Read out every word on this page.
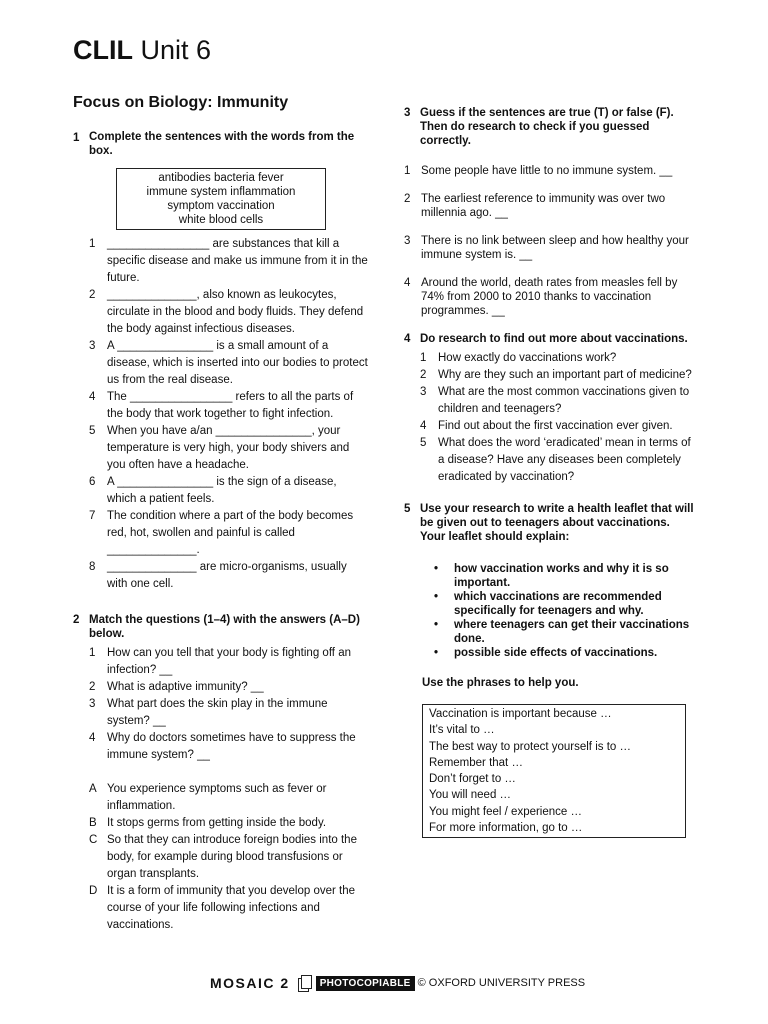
CLIL Unit 6
Focus on Biology: Immunity
1 Complete the sentences with the words from the box.
antibodies bacteria fever
immune system inflammation
symptom vaccination
white blood cells
1	________________ are substances that kill a specific disease and make us immune from it in the future.
2	______________, also known as leukocytes, circulate in the blood and body fluids. They defend the body against infectious diseases.
3	A _______________ is a small amount of a disease, which is inserted into our bodies to protect us from the real disease.
4	The ________________ refers to all the parts of the body that work together to fight infection.
5	When you have a/an _______________, your temperature is very high, your body shivers and you often have a headache.
6	A _______________ is the sign of a disease, which a patient feels.
7	The condition where a part of the body becomes red, hot, swollen and painful is called ______________.
8	______________ are micro-organisms, usually with one cell.
2 Match the questions (1–4) with the answers (A–D) below.
1	How can you tell that your body is fighting off an infection? __
2	What is adaptive immunity? __
3	What part does the skin play in the immune system? __
4	Why do doctors sometimes have to suppress the immune system? __
A You experience symptoms such as fever or inflammation.
B It stops germs from getting inside the body.
C So that they can introduce foreign bodies into the body, for example during blood transfusions or organ transplants.
D It is a form of immunity that you develop over the course of your life following infections and vaccinations.
3 Guess if the sentences are true (T) or false (F). Then do research to check if you guessed correctly.
1 Some people have little to no immune system. __
2 The earliest reference to immunity was over two millennia ago. __
3 There is no link between sleep and how healthy your immune system is. __
4 Around the world, death rates from measles fell by 74% from 2000 to 2010 thanks to vaccination programmes. __
4 Do research to find out more about vaccinations.
1	How exactly do vaccinations work?
2	Why are they such an important part of medicine?
3	What are the most common vaccinations given to children and teenagers?
4	Find out about the first vaccination ever given.
5	What does the word ‘eradicated’ mean in terms of a disease? Have any diseases been completely eradicated by vaccination?
5 Use your research to write a health leaflet that will be given out to teenagers about vaccinations. Your leaflet should explain:
•	how vaccination works and why it is so important.
•	which vaccinations are recommended specifically for teenagers and why.
•	where teenagers can get their vaccinations done.
•	possible side effects of vaccinations.
Use the phrases to help you.
Vaccination is important because …
It’s vital to …
The best way to protect yourself is to …
Remember that …
Don’t forget to …
You will need …
You might feel / experience …
For more information, go to …
MOSAIC 2	PHOTOCOPIABLE © OXFORD UNIVERSITY PRESS
